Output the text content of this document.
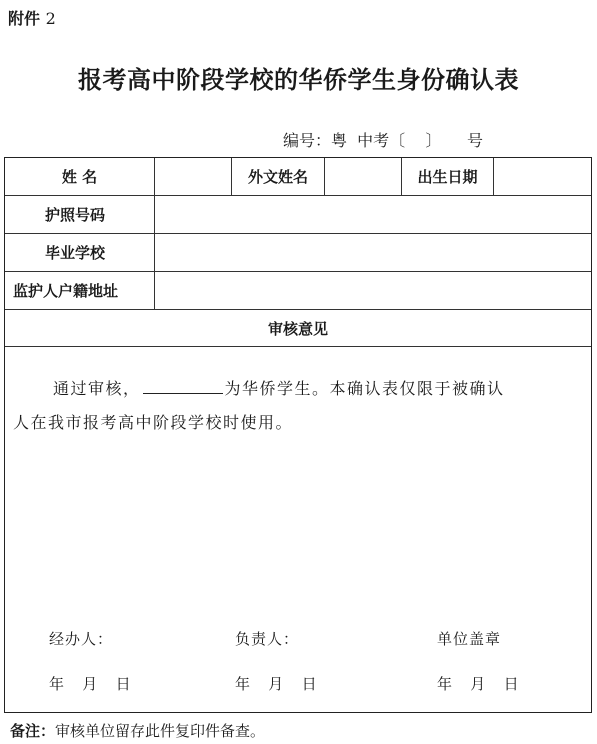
附件 2
报考高中阶段学校的华侨学生身份确认表
编号：粤  中考〔    〕     号
姓 名	外文姓名	出生日期
护照号码
毕业学校
监护人户籍地址
审核意见
通过审核，	为华侨学生。本确认表仅限于被确认
人在我市报考高中阶段学校时使用。
经办人：	负责人：	单位盖章
年   月   日	年   月   日	年   月   日
备注：审核单位留存此件复印件备查。
